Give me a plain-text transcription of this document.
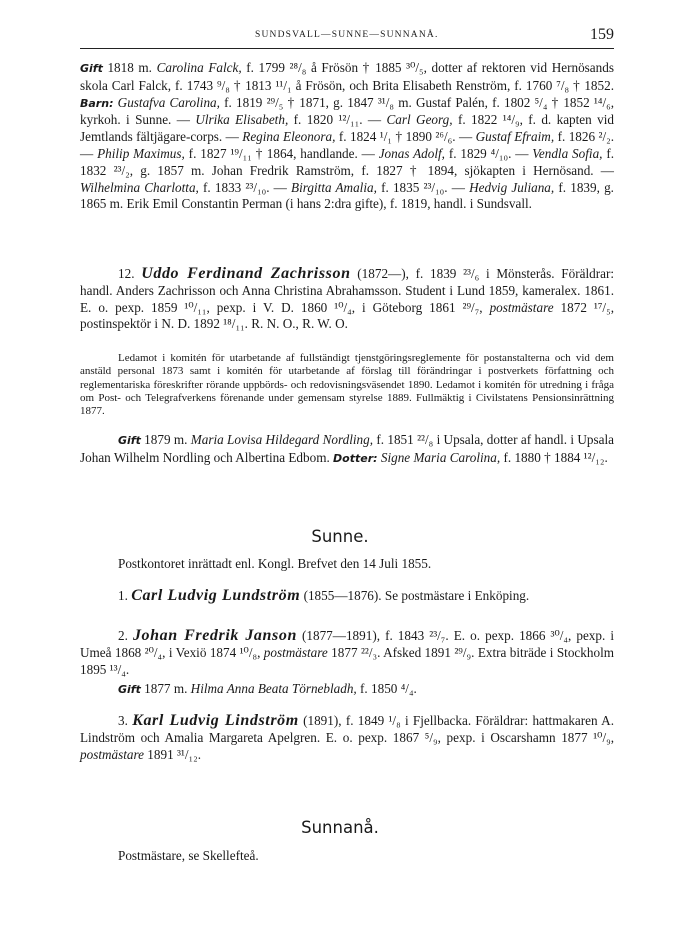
SUNDSVALL—SUNNE—SUNNANÅ.	159

Gift 1818 m. Carolina Falck, f. 1799 ²⁸/₈ å Frösön † 1885 ³⁰/₅, dotter af rektoren vid Hernösands skola Carl Falck, f. 1743 ⁹/₈ † 1813 ¹¹/₁ å Frösön, och Brita Elisabeth Renström, f. 1760 ⁷/₈ † 1852. Barn: Gustafva Carolina, f. 1819 ²⁹/₅ † 1871, g. 1847 ³¹/₈ m. Gustaf Palén, f. 1802 ⁵/₄ † 1852 ¹⁴/₆, kyrkoh. i Sunne. — Ulrika Elisabeth, f. 1820 ¹²/₁₁. — Carl Georg, f. 1822 ¹⁴/₉, f. d. kapten vid Jemtlands fältjägare-corps. — Regina Eleonora, f. 1824 ¹/₁ † 1890 ²⁶/₆. — Gustaf Efraim, f. 1826 ²/₂. — Philip Maximus, f. 1827 ¹⁹/₁₁ † 1864, handlande. — Jonas Adolf, f. 1829 ⁴/₁₀. — Vendla Sofia, f. 1832 ²³/₂, g. 1857 m. Johan Fredrik Ramström, f. 1827 † 1894, sjökapten i Hernösand. — Wilhelmina Charlotta, f. 1833 ²³/₁₀. — Birgitta Amalia, f. 1835 ²³/₁₀. — Hedvig Juliana, f. 1839, g. 1865 m. Erik Emil Constantin Perman (i hans 2:dra gifte), f. 1819, handl. i Sundsvall.

12. Uddo Ferdinand Zachrisson (1872—), f. 1839 ²³/₆ i Mönsterås. Föräldrar: handl. Anders Zachrisson och Anna Christina Abrahamsson. Student i Lund 1859, kameralex. 1861. E. o. pexp. 1859 ¹⁰/₁₁, pexp. i V. D. 1860 ¹⁰/₄, i Göteborg 1861 ²⁹/₇, postmästare 1872 ¹⁷/₅, postinspektör i N. D. 1892 ¹⁸/₁₁. R. N. O., R. W. O.

Ledamot i komitén för utarbetande af fullständigt tjenstgöringsreglemente för postanstalterna och vid dem anstäld personal 1873 samt i komitén för utarbetande af förslag till förändringar i postverkets författning och reglementariska föreskrifter rörande uppbörds- och redovisningsväsendet 1890. Ledamot i komitén för utredning i fråga om Post- och Telegrafverkens förenande under gemensam styrelse 1889. Fullmäktig i Civilstatens Pensionsinrättning 1877.

Gift 1879 m. Maria Lovisa Hildegard Nordling, f. 1851 ²²/₈ i Upsala, dotter af handl. i Upsala Johan Wilhelm Nordling och Albertina Edbom. Dotter: Signe Maria Carolina, f. 1880 † 1884 ¹²/₁₂.

Sunne.

Postkontoret inrättadt enl. Kongl. Brefvet den 14 Juli 1855.

1. Carl Ludvig Lundström (1855—1876). Se postmästare i Enköping.

2. Johan Fredrik Janson (1877—1891), f. 1843 ²³/₇. E. o. pexp. 1866 ³⁰/₄, pexp. i Umeå 1868 ²⁰/₄, i Vexiö 1874 ¹⁰/₈, postmästare 1877 ²²/₃. Afsked 1891 ²⁹/₉. Extra biträde i Stockholm 1895 ¹³/₄.

Gift 1877 m. Hilma Anna Beata Törnebladh, f. 1850 ⁴/₄.

3. Karl Ludvig Lindström (1891), f. 1849 ¹/₈ i Fjellbacka. Föräldrar: hattmakaren A. Lindström och Amalia Margareta Apelgren. E. o. pexp. 1867 ⁵/₉, pexp. i Oscarshamn 1877 ¹⁰/₉, postmästare 1891 ³¹/₁₂.

Sunnanå.

Postmästare, se Skellefteå.
